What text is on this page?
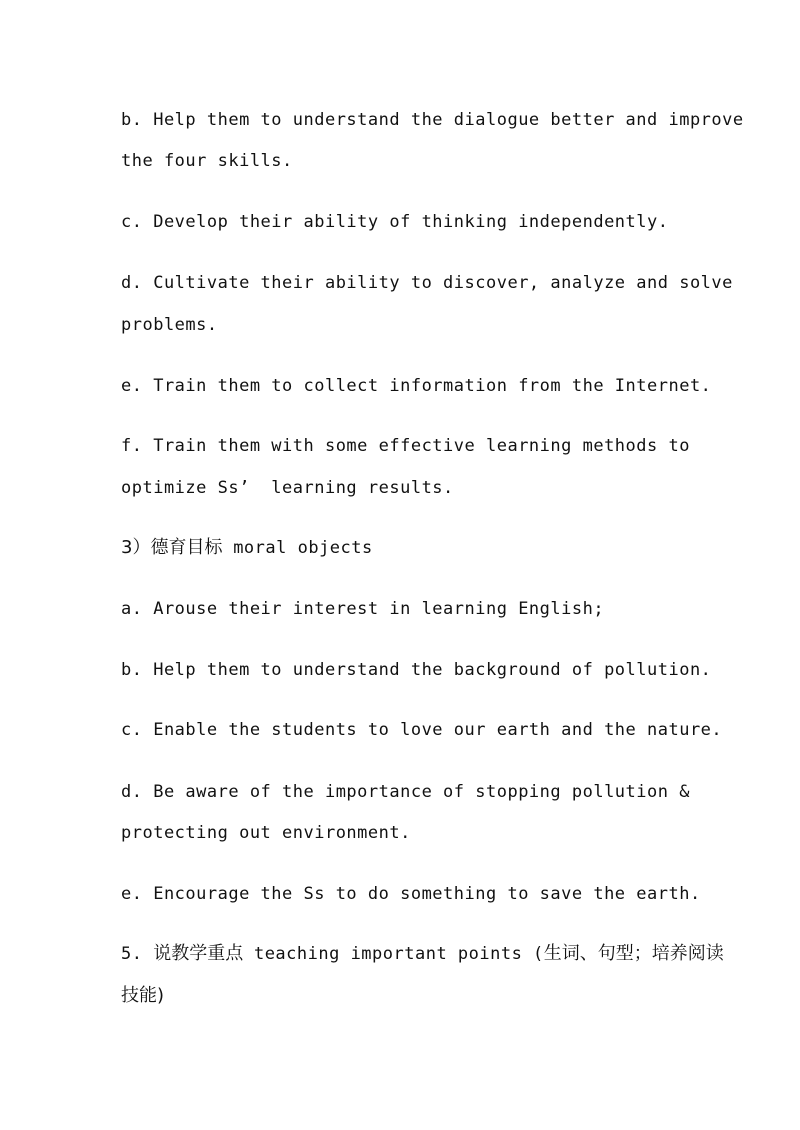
b. Help them to understand the dialogue better and improve
the four skills.
c. Develop their ability of thinking independently.
d. Cultivate their ability to discover, analyze and solve
problems.
e. Train them to collect information from the Internet.
f. Train them with some effective learning methods to
optimize Ss’  learning results.
3）德育目标 moral objects
a. Arouse their interest in learning English;
b. Help them to understand the background of pollution.
c. Enable the students to love our earth and the nature.
d. Be aware of the importance of stopping pollution &
protecting out environment.
e. Encourage the Ss to do something to save the earth.
5. 说教学重点 teaching important points (生词、句型；培养阅读
技能)
